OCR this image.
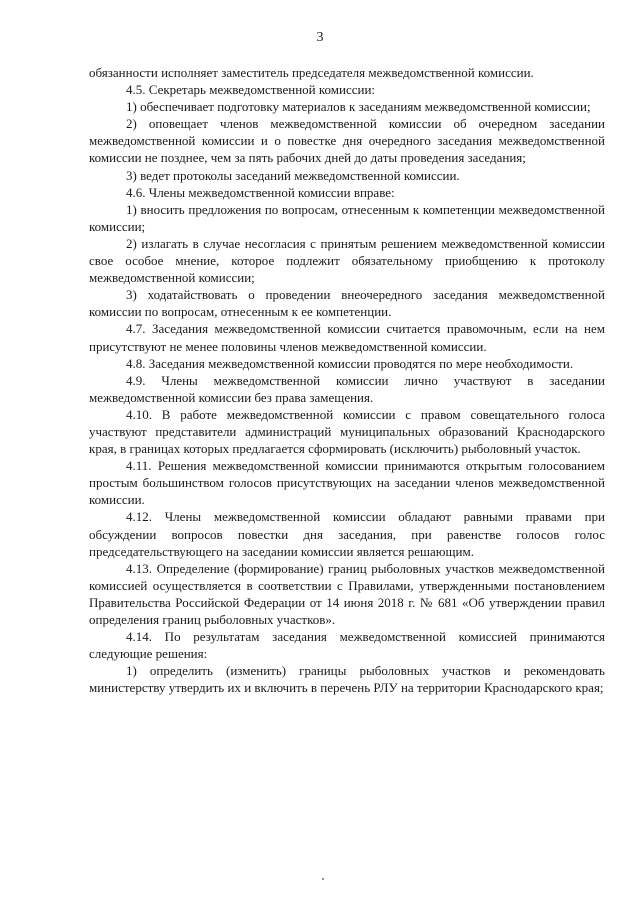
3

обязанности исполняет заместитель председателя межведомственной комиссии.

4.5. Секретарь межведомственной комиссии:

1) обеспечивает подготовку материалов к заседаниям межведомственной комиссии;

2) оповещает членов межведомственной комиссии об очередном заседании межведомственной комиссии и о повестке дня очередного заседания межведомственной комиссии не позднее, чем за пять рабочих дней до даты проведения заседания;

3) ведет протоколы заседаний межведомственной комиссии.

4.6. Члены межведомственной комиссии вправе:

1) вносить предложения по вопросам, отнесенным к компетенции межведомственной комиссии;

2) излагать в случае несогласия с принятым решением межведомственной комиссии свое особое мнение, которое подлежит обязательному приобщению к протоколу межведомственной комиссии;

3) ходатайствовать о проведении внеочередного заседания межведомственной комиссии по вопросам, отнесенным к ее компетенции.

4.7. Заседания межведомственной комиссии считается правомочным, если на нем присутствуют не менее половины членов межведомственной комиссии.

4.8. Заседания межведомственной комиссии проводятся по мере необходимости.

4.9. Члены межведомственной комиссии лично участвуют в заседании межведомственной комиссии без права замещения.

4.10. В работе межведомственной комиссии с правом совещательного голоса участвуют представители администраций муниципальных образований Краснодарского края, в границах которых предлагается сформировать (исключить) рыболовный участок.

4.11. Решения межведомственной комиссии принимаются открытым голосованием простым большинством голосов присутствующих на заседании членов межведомственной комиссии.

4.12. Члены межведомственной комиссии обладают равными правами при обсуждении вопросов повестки дня заседания, при равенстве голосов голос председательствующего на заседании комиссии является решающим.

4.13. Определение (формирование) границ рыболовных участков межведомственной комиссией осуществляется в соответствии с Правилами, утвержденными постановлением Правительства Российской Федерации от 14 июня 2018 г. № 681 «Об утверждении правил определения границ рыболовных участков».

4.14. По результатам заседания межведомственной комиссией принимаются следующие решения:

1) определить (изменить) границы рыболовных участков и рекомендовать министерству утвердить их и включить в перечень РЛУ на территории Краснодарского края;
